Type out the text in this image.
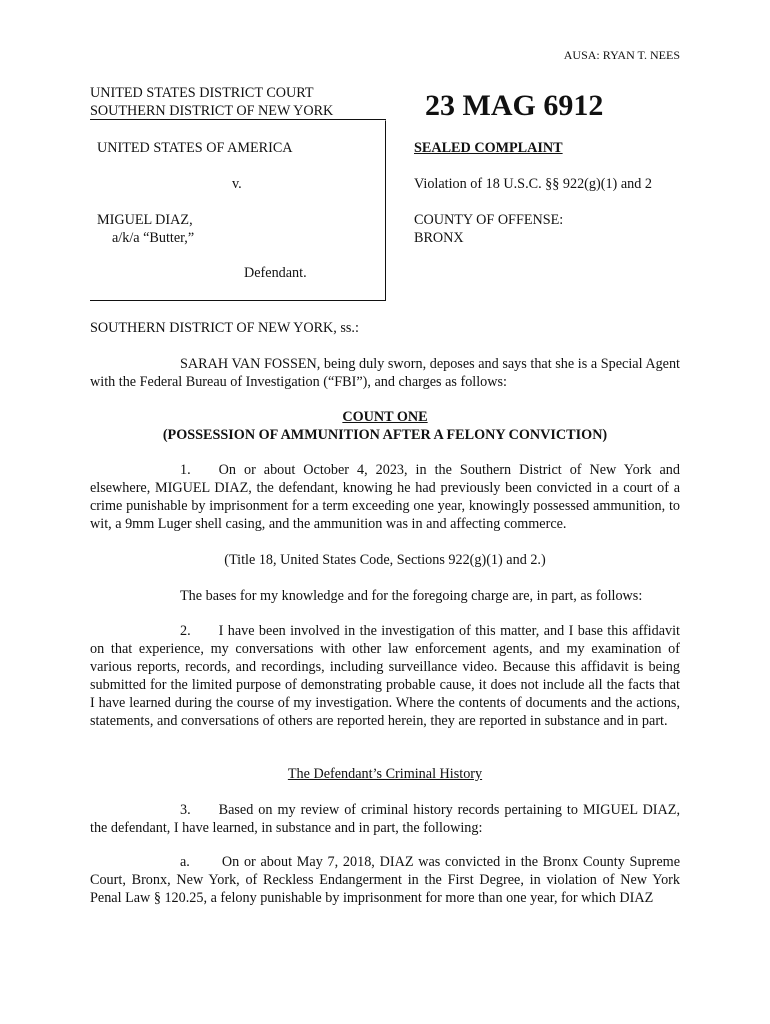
AUSA: RYAN T. NEES
UNITED STATES DISTRICT COURT
SOUTHERN DISTRICT OF NEW YORK	23 MAG 6912
UNITED STATES OF AMERICA
v.
MIGUEL DIAZ,
a/k/a “Butter,”
Defendant.
SEALED COMPLAINT
Violation of 18 U.S.C. §§ 922(g)(1) and 2
COUNTY OF OFFENSE:
BRONX
SOUTHERN DISTRICT OF NEW YORK, ss.:
SARAH VAN FOSSEN, being duly sworn, deposes and says that she is a Special Agent with the Federal Bureau of Investigation (“FBI”), and charges as follows:
COUNT ONE
(POSSESSION OF AMMUNITION AFTER A FELONY CONVICTION)
1. On or about October 4, 2023, in the Southern District of New York and elsewhere, MIGUEL DIAZ, the defendant, knowing he had previously been convicted in a court of a crime punishable by imprisonment for a term exceeding one year, knowingly possessed ammunition, to wit, a 9mm Luger shell casing, and the ammunition was in and affecting commerce.
(Title 18, United States Code, Sections 922(g)(1) and 2.)
The bases for my knowledge and for the foregoing charge are, in part, as follows:
2. I have been involved in the investigation of this matter, and I base this affidavit on that experience, my conversations with other law enforcement agents, and my examination of various reports, records, and recordings, including surveillance video. Because this affidavit is being submitted for the limited purpose of demonstrating probable cause, it does not include all the facts that I have learned during the course of my investigation. Where the contents of documents and the actions, statements, and conversations of others are reported herein, they are reported in substance and in part.
The Defendant’s Criminal History
3. Based on my review of criminal history records pertaining to MIGUEL DIAZ, the defendant, I have learned, in substance and in part, the following:
a. On or about May 7, 2018, DIAZ was convicted in the Bronx County Supreme Court, Bronx, New York, of Reckless Endangerment in the First Degree, in violation of New York Penal Law § 120.25, a felony punishable by imprisonment for more than one year, for which DIAZ
